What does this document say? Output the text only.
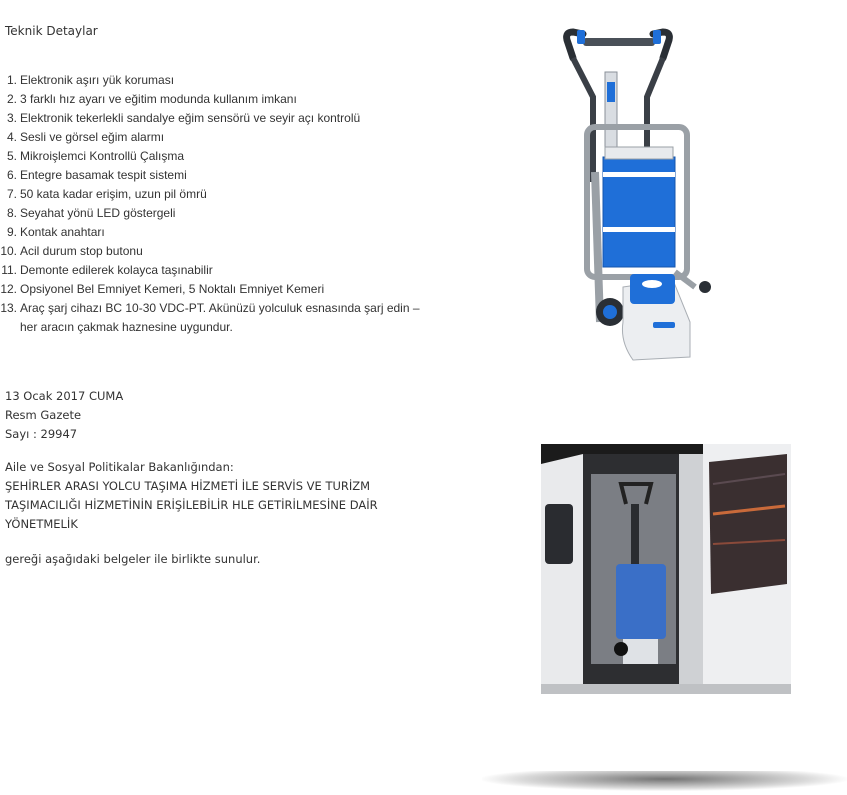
Teknik Detaylar
1. Elektronik aşırı yük koruması
2. 3 farklı hız ayarı ve eğitim modunda kullanım imkanı
3. Elektronik tekerlekli sandalye eğim sensörü ve seyir açı kontrolü
4. Sesli ve görsel eğim alarmı
5. Mikroişlemci Kontrollü Çalışma
6. Entegre basamak tespit sistemi
7. 50 kata kadar erişim, uzun pil ömrü
8. Seyahat yönü LED göstergeli
9. Kontak anahtarı
10. Acil durum stop butonu
11. Demonte edilerek kolayca taşınabilir
12. Opsiyonel Bel Emniyet Kemeri, 5 Noktalı Emniyet Kemeri
13. Araç şarj cihazı BC 10-30 VDC-PT. Akünüzü yolculuk esnasında şarj edin – her aracın çakmak haznesine uygundur.
13 Ocak 2017 CUMA
Resm Gazete
Sayı : 29947
Aile ve Sosyal Politikalar Bakanlığından:
ŞEHİRLER ARASI YOLCU TAŞIMA HİZMETİ İLE SERVİS VE TURİZM
TAŞIMACILIĞI HİZMETİNİN ERİŞİLEBİLİR HLE GETİRİLMESİNE DAİR
YÖNETMELİK
gereği aşağıdaki belgeler ile birlikte sunulur.
